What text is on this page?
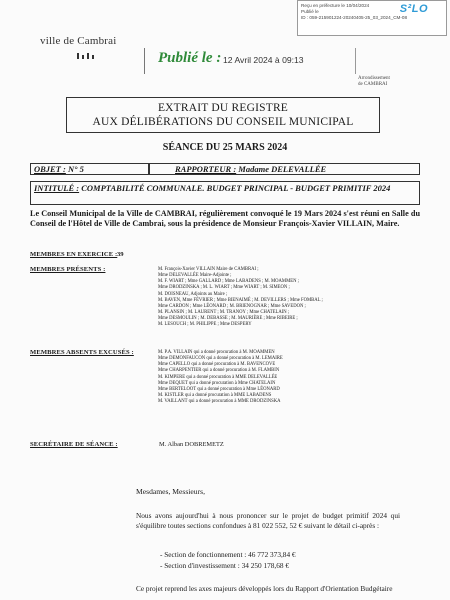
Reçu en préfecture le 10/04/2024
Publié le
ID : 059-215901224-20240405-25_03_2024_CM-08
S²LO
ville de Cambrai
Publié le : 12 Avril 2024 à 09:13
Arrondissement
de CAMBRAI
EXTRAIT DU REGISTRE
AUX DÉLIBÉRATIONS DU CONSEIL MUNICIPAL
SÉANCE DU 25 MARS 2024
OBJET : N° 5	RAPPORTEUR : Madame DELEVALLÉE
INTITULÉ : COMPTABILITÉ COMMUNALE. BUDGET PRINCIPAL - BUDGET PRIMITIF 2024
Le Conseil Municipal de la Ville de CAMBRAI, régulièrement convoqué le 19 Mars 2024 s'est réuni en Salle du Conseil de l'Hôtel de Ville de Cambrai, sous la présidence de Monsieur François-Xavier VILLAIN, Maire.
MEMBRES EN EXERCICE : 39
MEMBRES PRÉSENTS :	M. François-Xavier VILLAIN Maire de CAMBRAI ;
Mme DELEVALLÉE Maire-Adjointe ;
M. F. WIART ; Mme GALLARD ; Mme LABADENS ; M. MOAMMEN ;
Mme DRODZINSKA ; M. L. WIART ; Mme WIART ; M. SIMEON ;
M. DOISNEAU, Adjoints au Maire ;
M. BAVEN, Mme FÉVRIER ; Mme BIENAIMÉ ; M. DEVILLERS ; Mme FOMBAL ;
Mme CARDON ; Mme LÉONARD ; M. BRIENOGNAR ; Mme SAVEDON ;
M. PLANSIN ; M. LAURENT ; M. TRANOY ; Mme CHATELAIN ;
Mme DESMOULIN ; M. DEBASSE ; M. MAURIÈRE ; Mme RIBEIRE ;
M. LESOUCH ; M. PHILIPPE ; Mme DESPERY
MEMBRES ABSENTS EXCUSÉS :	M. P.A. VILLAIN qui a donné procuration à M. MOAMMEN
Mme DEMONFAUCON qui a donné procuration à M. LEMAIRE
Mme CAPELLO qui a donné procuration à M. BAVENCOVE
Mme CHARPENTIER qui a donné procuration à M. FLAMBIN
M. KIMPERE qui a donné procuration à MME DELEVALLÉE
Mme DEQUET qui a donné procuration à Mme CHATELAIN
Mme BERTELOOT qui a donné procuration à Mme LÉONARD
M. KISTLER qui a donné procuration à MME LABADENS
M. VAILLANT qui a donné procuration à MME DRODZINSKA
SECRÉTAIRE DE SÉANCE :	M. Alban DOBREMETZ
Mesdames, Messieurs,
Nous avons aujourd'hui à nous prononcer sur le projet de budget primitif 2024 qui s'équilibre toutes sections confondues à 81 022 552, 52 € suivant le détail ci-après :
- Section de fonctionnement : 46 772 373,84 €
- Section d'investissement : 34 250 178,68 €
Ce projet reprend les axes majeurs développés lors du Rapport d'Orientation Budgétaire
